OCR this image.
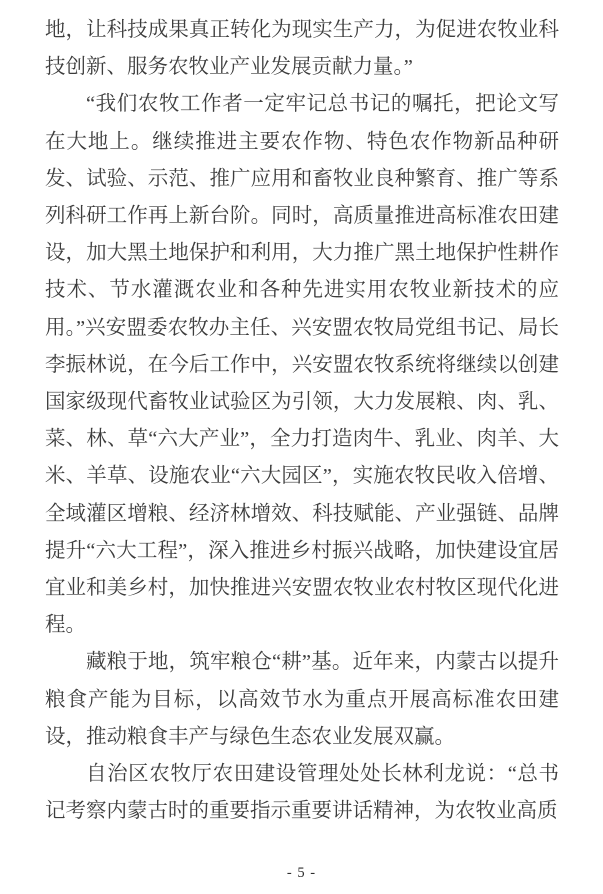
地，让科技成果真正转化为现实生产力，为促进农牧业科技创新、服务农牧业产业发展贡献力量。”

“我们农牧工作者一定牢记总书记的嘱托，把论文写在大地上。继续推进主要农作物、特色农作物新品种研发、试验、示范、推广应用和畜牧业良种繁育、推广等系列科研工作再上新台阶。同时，高质量推进高标准农田建设，加大黑土地保护和利用，大力推广黑土地保护性耕作技术、节水灌溉农业和各种先进实用农牧业新技术的应用。”兴安盟委农牧办主任、兴安盟农牧局党组书记、局长李振林说，在今后工作中，兴安盟农牧系统将继续以创建国家级现代畜牧业试验区为引领，大力发展粮、肉、乳、菜、林、草“六大产业”，全力打造肉牛、乳业、肉羊、大米、羊草、设施农业“六大园区”，实施农牧民收入倍增、全域灌区增粮、经济林增效、科技赋能、产业强链、品牌提升“六大工程”，深入推进乡村振兴战略，加快建设宜居宜业和美乡村，加快推进兴安盟农牧业农村牧区现代化进程。

藏粮于地，筑牢粮仓“耕”基。近年来，内蒙古以提升粮食产能为目标，以高效节水为重点开展高标准农田建设，推动粮食丰产与绿色生态农业发展双赢。

自治区农牧厅农田建设管理处处长林利龙说：“总书记考察内蒙古时的重要指示重要讲话精神，为农牧业高质

- 5 -
